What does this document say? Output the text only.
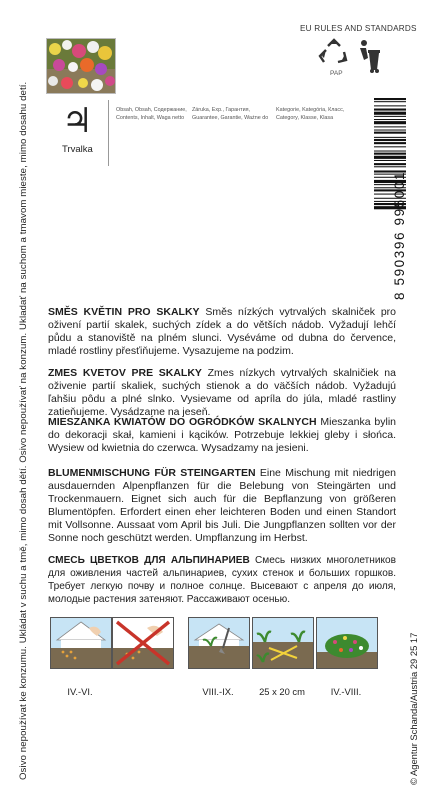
Osivo nepoužívat ke konzumu. Ukládat v suchu a tmě, mimo dosah dětí. Osivo nepoužívať na konzum. Ukladať na suchom a tmavom mieste, mimo dosahu detí.
EU RULES AND STANDARDS
PAP
♃
Trvalka
Obsah, Obsah, Содержание,
Contents, Inhalt, Waga netto
Záruka, Exp., Гарантия,
Guarantee, Garantie, Ważne do
Kategorie, Kategória, Класс,
Category, Klasse, Klasa
8 590396 995001
SMĚS KVĚTIN PRO SKALKY Směs nízkých vytrvalých skalniček pro oživení partií skalek, suchých zídek a do větších nádob. Vyžadují lehčí půdu a stanoviště na plném slunci. Vyséváme od dubna do července, mladé rostliny přesťiňujeme. Vysazujeme na podzim.
ZMES KVETOV PRE SKALKY Zmes nízkych vytrvalých skalničiek na oživenie partií skaliek, suchých stienok a do väčších nádob. Vyžadujú ľahšiu pôdu a plné slnko. Vysievame od apríla do júla, mladé rastliny zatieňujeme. Vysádzame na jeseň.
MIESZANKA KWIATÓW DO OGRÓDKÓW SKALNYCH Mieszanka bylin do dekoracji skał, kamieni i kącików. Potrzebuje lekkiej gleby i słońca. Wysiew od kwietnia do czerwca. Wysadzamy na jesieni.
BLUMENMISCHUNG FÜR STEINGARTEN Eine Mischung mit niedrigen ausdauernden Alpenpflanzen für die Belebung von Steingärten und Trockenmauern. Eignet sich auch für die Bepflanzung von größeren Blumentöpfen. Erfordert einen eher leichteren Boden und einen Standort mit Vollsonne. Aussaat vom April bis Juli. Die Jungpflanzen sollten vor der Sonne noch geschützt werden. Umpflanzung im Herbst.
СМЕСЬ ЦВЕТКОВ ДЛЯ АЛЬПИНАРИЕВ Смесь низких многолетников для оживления частей альпинариев, сухих стенок и больших горшков. Требует легкую почву и полное солнце. Высевают с апреля до июля, молодые растения затеняют. Рассаживают осенью.
IV.-VI.	VIII.-IX.	25 x 20 cm	IV.-VIII.	© Agentur Schanda/Austria 29 25 17
